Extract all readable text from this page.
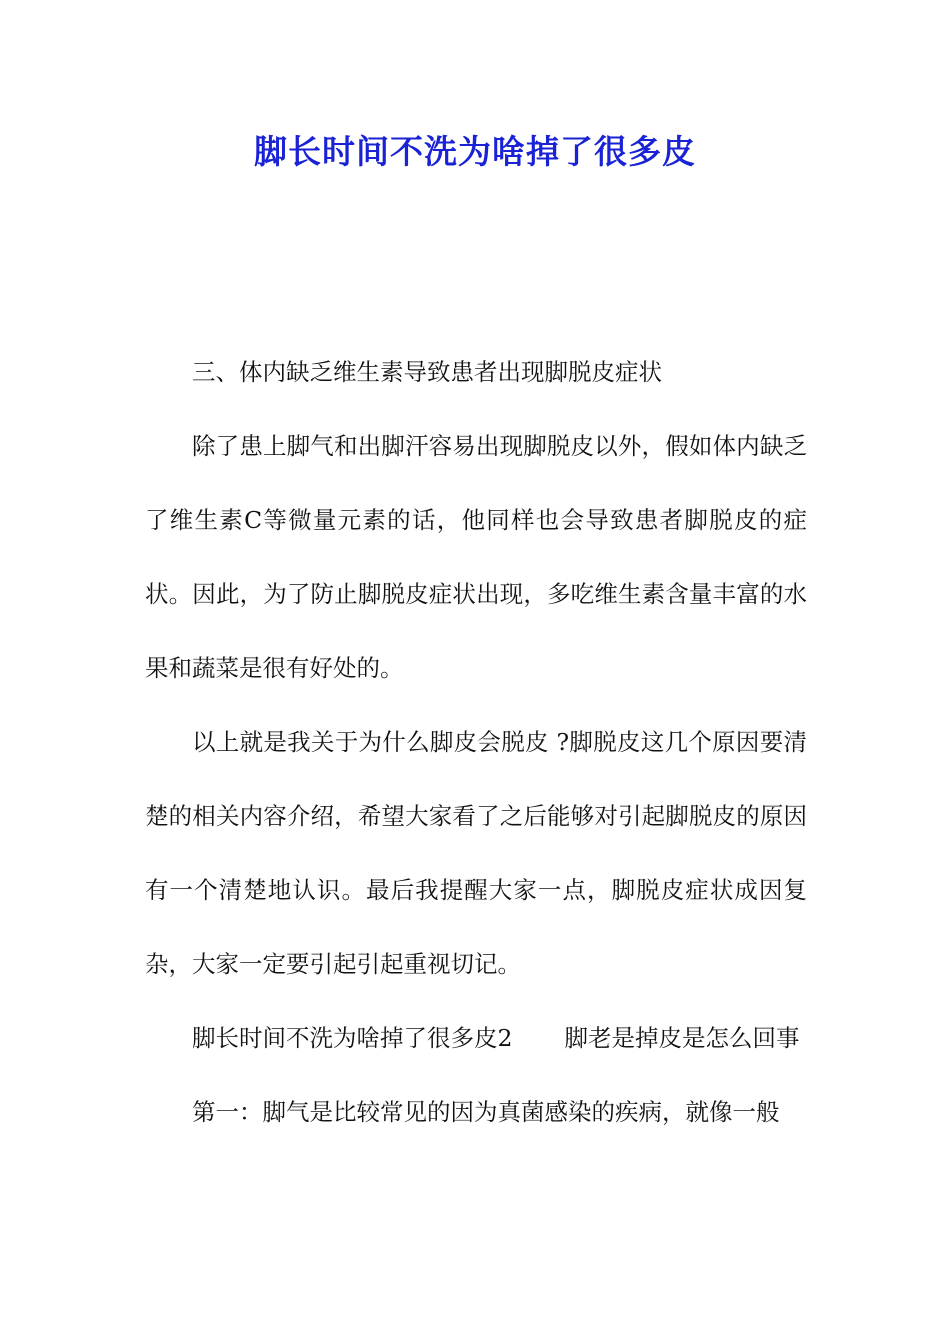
脚长时间不洗为啥掉了很多皮

三、体内缺乏维生素导致患者出现脚脱皮症状

除了患上脚气和出脚汗容易出现脚脱皮以外，假如体内缺乏了维生素C等微量元素的话，他同样也会导致患者脚脱皮的症状。因此，为了防止脚脱皮症状出现，多吃维生素含量丰富的水果和蔬菜是很有好处的。

以上就是我关于为什么脚皮会脱皮 ?脚脱皮这几个原因要清楚的相关内容介绍，希望大家看了之后能够对引起脚脱皮的原因有一个清楚地认识。最后我提醒大家一点，脚脱皮症状成因复杂，大家一定要引起引起重视切记。

脚长时间不洗为啥掉了很多皮2 脚老是掉皮是怎么回事

第一：脚气是比较常见的因为真菌感染的疾病，就像一般
